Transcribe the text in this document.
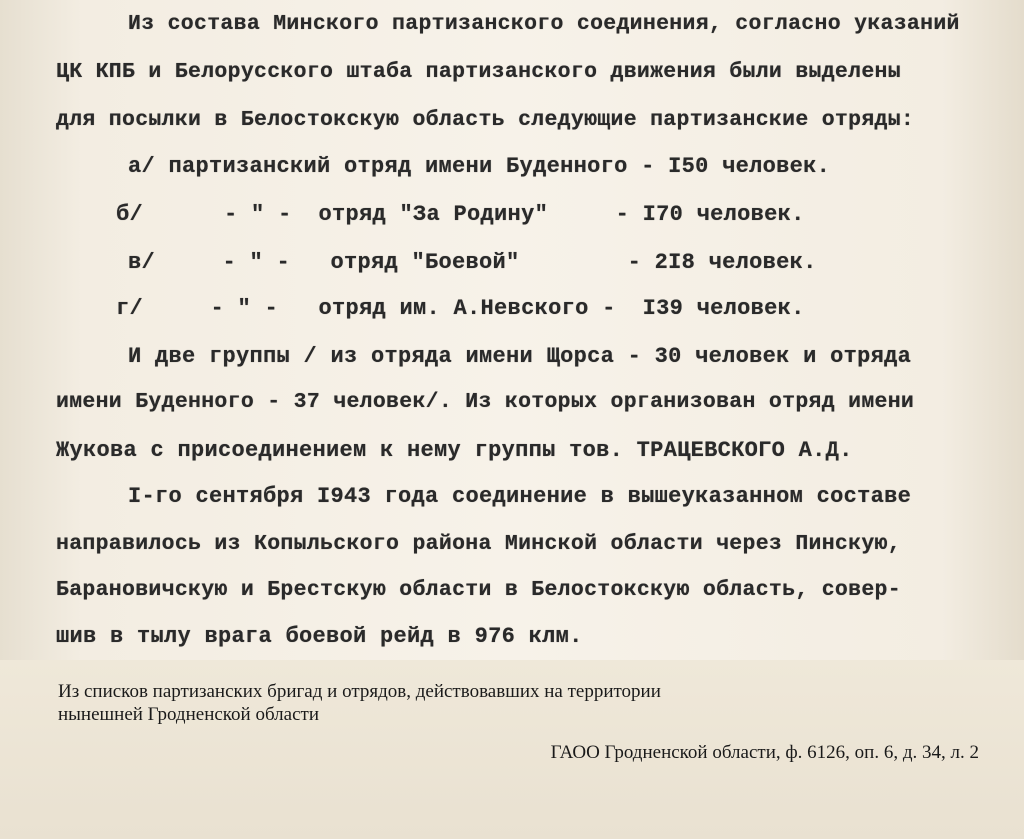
Из состава Минского партизанского соединения, согласно указаний
ЦК КПБ и Белорусского штаба партизанского движения были выделены
для посылки в Белостокскую область следующие партизанские отряды:
а/ партизанский отряд имени Буденного - I50 человек.
б/      - " -  отряд "За Родину"     - I70 человек.
в/     - " -   отряд "Боевой"        - 2I8 человек.
г/     - " -   отряд им. А.Невского -  I39 человек.
И две группы / из отряда имени Щорса - 30 человек и отряда
имени Буденного - 37 человек/. Из которых организован отряд имени
Жукова с присоединением к нему группы тов. ТРАЦЕВСКОГО А.Д.
I-го сентября I943 года соединение в вышеуказанном составе
направилось из Копыльского района Минской области через Пинскую,
Барановичскую и Брестскую области в Белостокскую область, совер-
шив в тылу врага боевой рейд в 976 клм.
Из списков партизанских бригад и отрядов, действовавших на территории
нынешней Гродненской области
ГАОО Гродненской области, ф. 6126, оп. 6, д. 34, л. 2
